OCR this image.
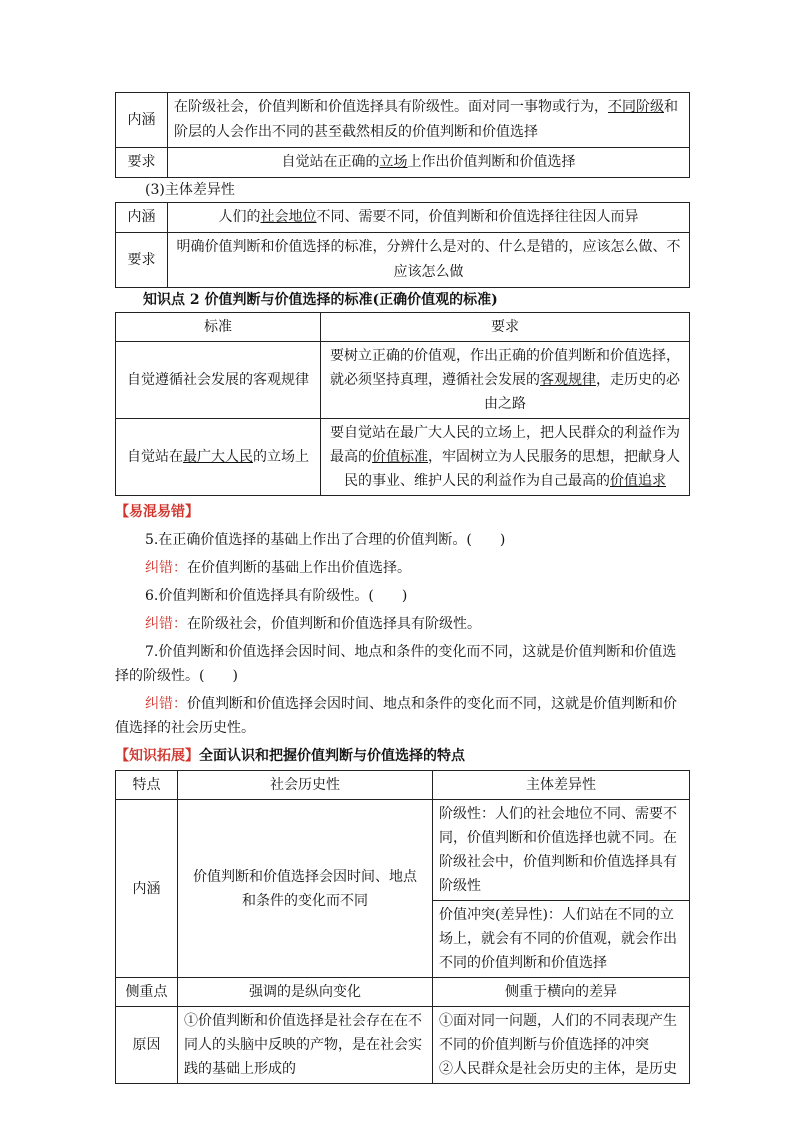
内涵	在阶级社会，价值判断和价值选择具有阶级性。面对同一事物或行为，不同阶级和阶层的人会作出不同的甚至截然相反的价值判断和价值选择
要求	自觉站在正确的立场上作出价值判断和价值选择
(3)主体差异性
内涵	人们的社会地位不同、需要不同，价值判断和价值选择往往因人而异
要求	明确价值判断和价值选择的标准，分辨什么是对的、什么是错的，应该怎么做、不应该怎么做
知识点 2 价值判断与价值选择的标准(正确价值观的标准)
标准	要求
自觉遵循社会发展的客观规律	要树立正确的价值观，作出正确的价值判断和价值选择，就必须坚持真理，遵循社会发展的客观规律，走历史的必由之路
自觉站在最广大人民的立场上	要自觉站在最广大人民的立场上，把人民群众的利益作为最高的价值标准，牢固树立为人民服务的思想，把献身人民的事业、维护人民的利益作为自己最高的价值追求
【易混易错】
5.在正确价值选择的基础上作出了合理的价值判断。(　　)
纠错：在价值判断的基础上作出价值选择。
6.价值判断和价值选择具有阶级性。(　　)
纠错：在阶级社会，价值判断和价值选择具有阶级性。
7.价值判断和价值选择会因时间、地点和条件的变化而不同，这就是价值判断和价值选择的阶级性。(　　)
纠错：价值判断和价值选择会因时间、地点和条件的变化而不同，这就是价值判断和价值选择的社会历史性。
【知识拓展】全面认识和把握价值判断与价值选择的特点
特点	社会历史性	主体差异性
内涵	价值判断和价值选择会因时间、地点和条件的变化而不同	阶级性：人们的社会地位不同、需要不同，价值判断和价值选择也就不同。在阶级社会中，价值判断和价值选择具有阶级性
		价值冲突(差异性)：人们站在不同的立场上，就会有不同的价值观，就会作出不同的价值判断和价值选择
侧重点	强调的是纵向变化	侧重于横向的差异
原因	①价值判断和价值选择是社会存在在不同人的头脑中反映的产物，是在社会实践的基础上形成的	①面对同一问题，人们的不同表现产生不同的价值判断与价值选择的冲突
②人民群众是社会历史的主体，是历史
